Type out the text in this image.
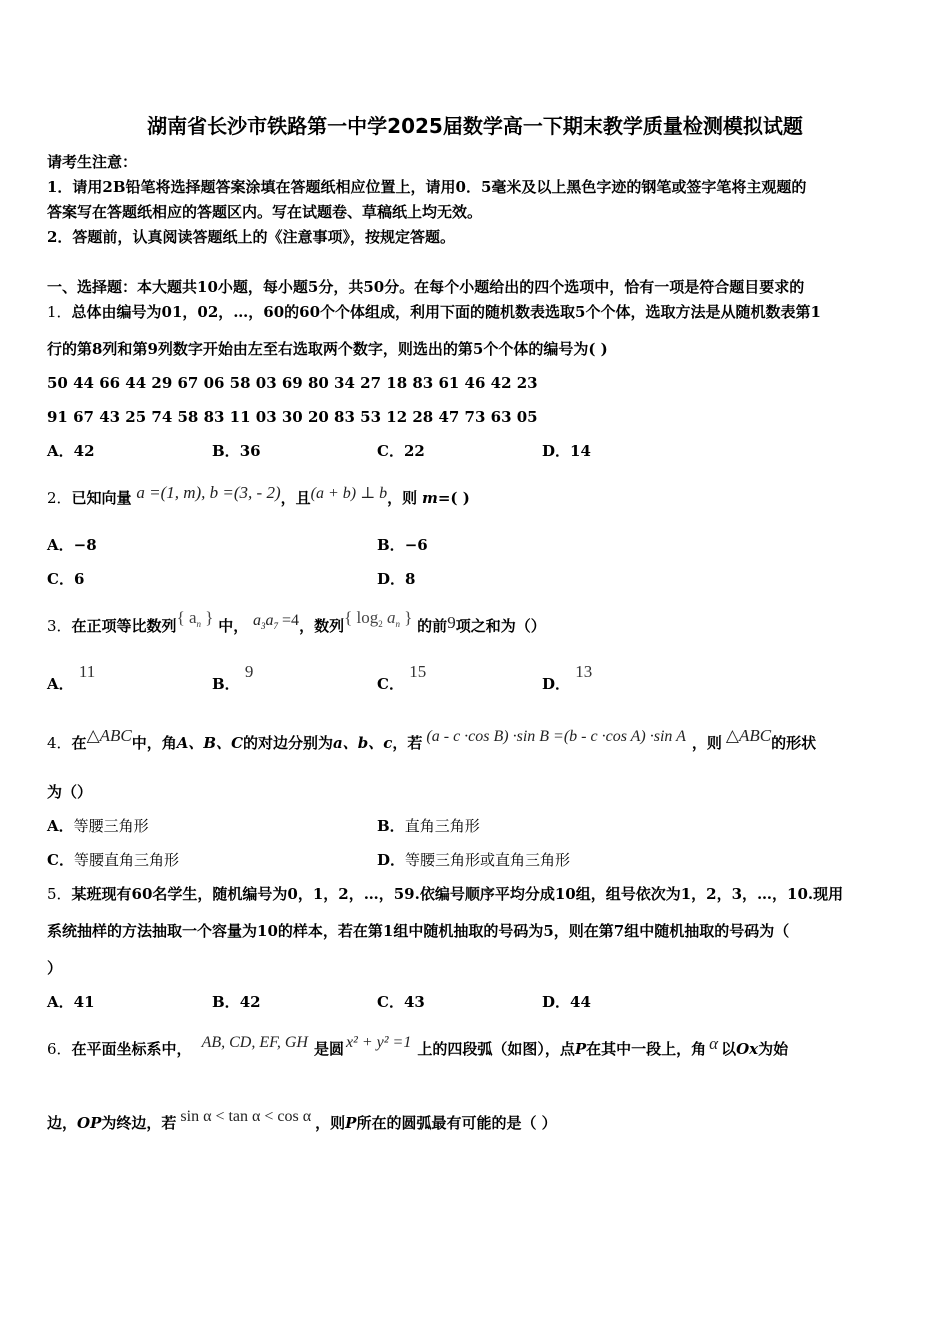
湖南省长沙市铁路第一中学2025届数学高一下期末教学质量检测模拟试题
请考生注意：
1．请用2B铅笔将选择题答案涂填在答题纸相应位置上，请用0．5毫米及以上黑色字迹的钢笔或签字笔将主观题的
答案写在答题纸相应的答题区内。写在试题卷、草稿纸上均无效。
2．答题前，认真阅读答题纸上的《注意事项》，按规定答题。
一、选择题：本大题共10小题，每小题5分，共50分。在每个小题给出的四个选项中，恰有一项是符合题目要求的
1．总体由编号为01，02，…，60的60个个体组成，利用下面的随机数表选取5个个体，选取方法是从随机数表第1
行的第8列和第9列数字开始由左至右选取两个数字，则选出的第5个个体的编号为( )
50 44 66 44 29 67 06 58 03 69 80 34 27 18 83 61 46 42 23
91 67 43 25 74 58 83 11 03 30 20 83 53 12 28 47 73 63 05
A．42	B．36	C．22	D．14
2．已知向量 a =(1, m), b =(3, - 2)，且(a + b) ⊥ b，则 m=( )
A．−8	B．−6
C．6	D．8
3．在正项等比数列{ $a_n$ } 中， $a_3a_7 =4$，数列{ $\log_2 a_n$ } 的前9项之和为（）
A． 11
B． 9
C． 15
D． 13
4．在△ABC中，角A、B、C的对边分别为a、b、c，若 (a - c ·cos B) ·sin B =(b - c ·cos A) ·sin A ，则 △ABC的形状
为（）
A．等腰三角形	B．直角三角形
C．等腰直角三角形	D．等腰三角形或直角三角形
5．某班现有60名学生，随机编号为0，1，2，…，59.依编号顺序平均分成10组，组号依次为1，2，3，…，10.现用
系统抽样的方法抽取一个容量为10的样本，若在第1组中随机抽取的号码为5，则在第7组中随机抽取的号码为（
）
A．41	B．42	C．43	D．44
6．在平面坐标系中， AB, CD, EF, GH 是圆 x² + y² =1 上的四段弧（如图），点P在其中一段上，角 α 以Ox为始
边，OP为终边，若 sin α < tan α < cos α ，则P所在的圆弧最有可能的是（ ）
